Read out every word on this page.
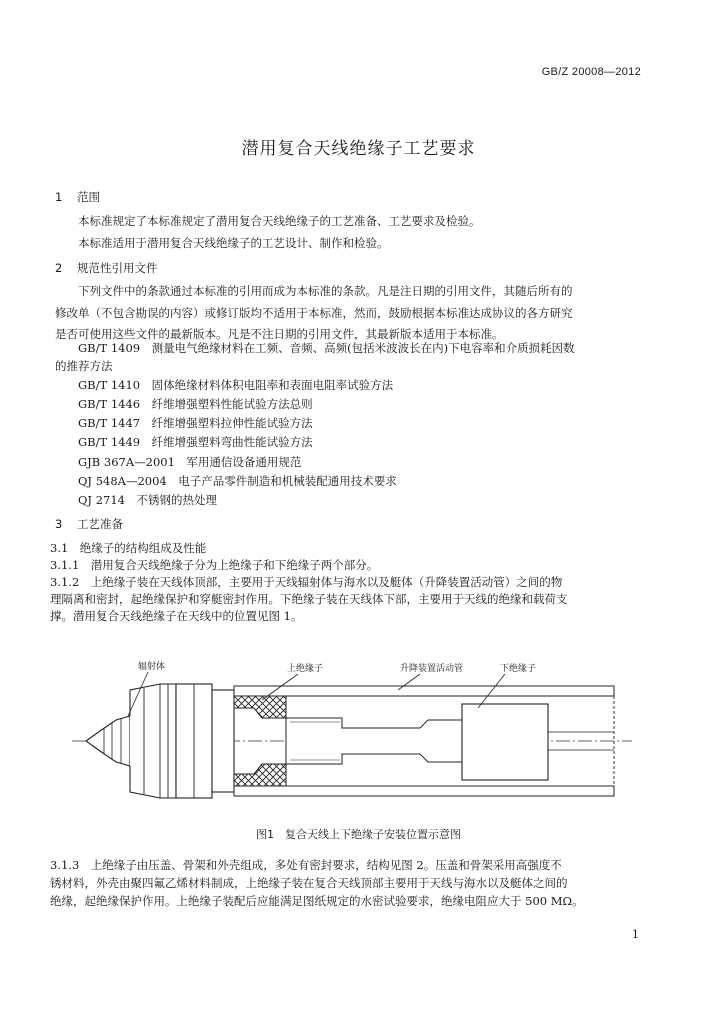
GB/Z 20008—2012
潜用复合天线绝缘子工艺要求
1 范围
本标准规定了本标准规定了潜用复合天线绝缘子的工艺准备、工艺要求及检验。
本标准适用于潜用复合天线绝缘子的工艺设计、制作和检验。
2 规范性引用文件
下列文件中的条款通过本标准的引用而成为本标准的条款。凡是注日期的引用文件，其随后所有的
修改单（不包含勘误的内容）或修订版均不适用于本标准，然而，鼓励根据本标准达成协议的各方研究
是否可使用这些文件的最新版本。凡是不注日期的引用文件，其最新版本适用于本标准。
GB/T 1409　测量电气绝缘材料在工频、音频、高频(包括米波波长在内)下电容率和介质损耗因数
的推荐方法
GB/T 1410　固体绝缘材料体积电阻率和表面电阻率试验方法
GB/T 1446　纤维增强塑料性能试验方法总则
GB/T 1447　纤维增强塑料拉伸性能试验方法
GB/T 1449　纤维增强塑料弯曲性能试验方法
GJB 367A—2001　军用通信设备通用规范
QJ 548A—2004　电子产品零件制造和机械装配通用技术要求
QJ 2714　不锈钢的热处理
3 工艺准备
3.1　绝缘子的结构组成及性能
3.1.1　潜用复合天线绝缘子分为上绝缘子和下绝缘子两个部分。
3.1.2　上绝缘子装在天线体顶部，主要用于天线辐射体与海水以及艇体（升降装置活动管）之间的物
理隔离和密封，起绝缘保护和穿艇密封作用。下绝缘子装在天线体下部，主要用于天线的绝缘和载荷支
撑。潜用复合天线绝缘子在天线中的位置见图 1。
辐射体	上绝缘子	升降装置活动管	下绝缘子
图1　复合天线上下绝缘子安装位置示意图
3.1.3　上绝缘子由压盖、骨架和外壳组成，多处有密封要求，结构见图 2。压盖和骨架采用高强度不
锈材料，外壳由聚四氟乙烯材料制成，上绝缘子装在复合天线顶部主要用于天线与海水以及艇体之间的
绝缘，起绝缘保护作用。上绝缘子装配后应能满足图纸规定的水密试验要求，绝缘电阻应大于 500 MΩ。
1
